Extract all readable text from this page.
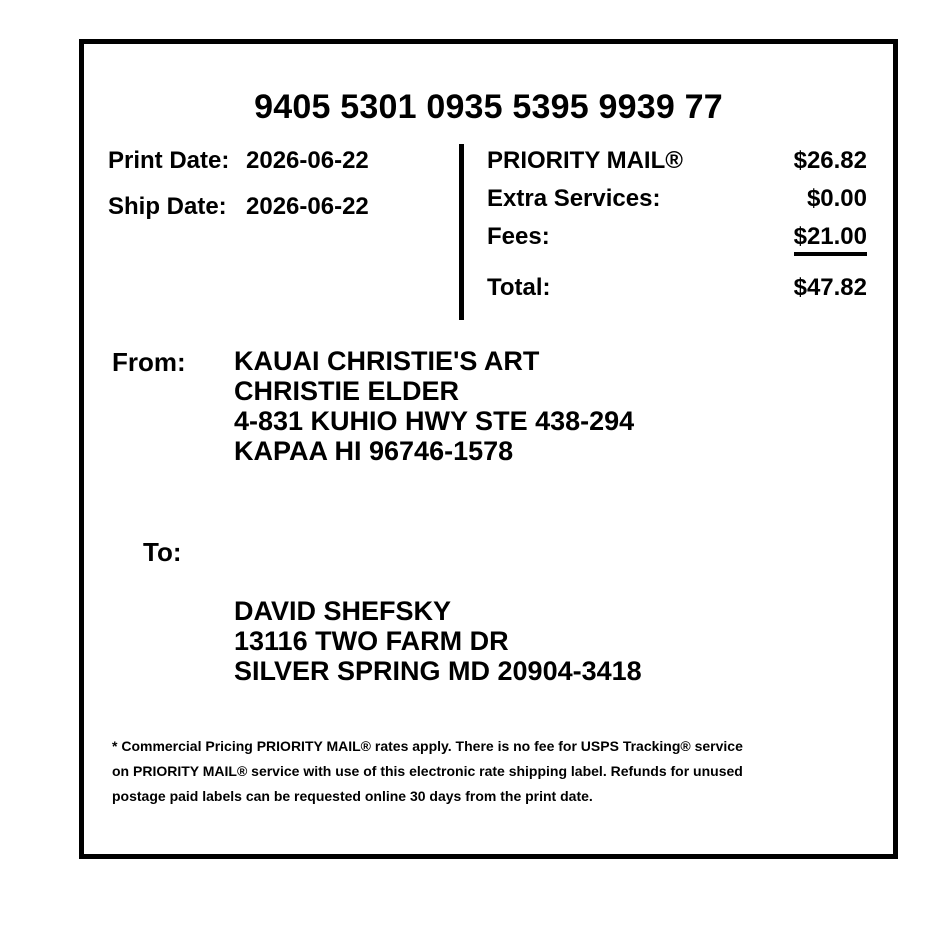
9405 5301 0935 5395 9939 77
Print Date: 2026-06-22
Ship Date: 2026-06-22
PRIORITY MAIL®	$26.82
Extra Services:	$0.00
Fees:	$21.00
Total:	$47.82
From: KAUAI CHRISTIE'S ART
CHRISTIE ELDER
4-831 KUHIO HWY STE 438-294
KAPAA HI 96746-1578
To:
DAVID SHEFSKY
13116 TWO FARM DR
SILVER SPRING MD 20904-3418
* Commercial Pricing PRIORITY MAIL® rates apply. There is no fee for USPS Tracking® service on PRIORITY MAIL® service with use of this electronic rate shipping label. Refunds for unused postage paid labels can be requested online 30 days from the print date.
